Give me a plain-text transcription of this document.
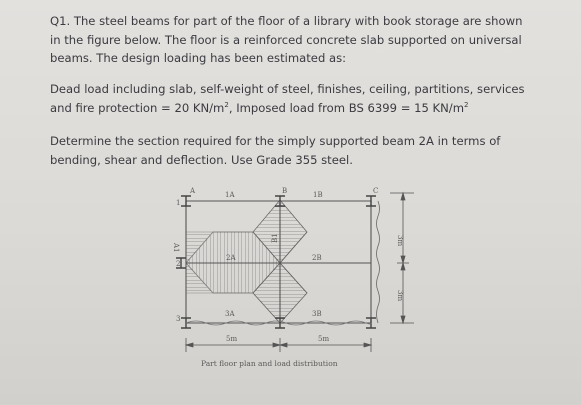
Q1. The steel beams for part of the floor of a library with book storage are shown
in the figure below. The floor is a reinforced concrete slab supported on universal
beams. The design loading has been estimated as:
Dead load including slab, self-weight of steel, finishes, ceiling, partitions, services
and fire protection = 20 $KN/m^2$, Imposed load from BS 6399 = 15 $KN/m^2$
Determine the section required for the simply supported beam 2A in terms of
bending, shear and deflection. Use Grade 355 steel.
A	B	C
1
2
3
1A	1B
2A	2B
3A	3B
B1
A1
5m	5m
3m
3m
Part floor plan and load distribution
